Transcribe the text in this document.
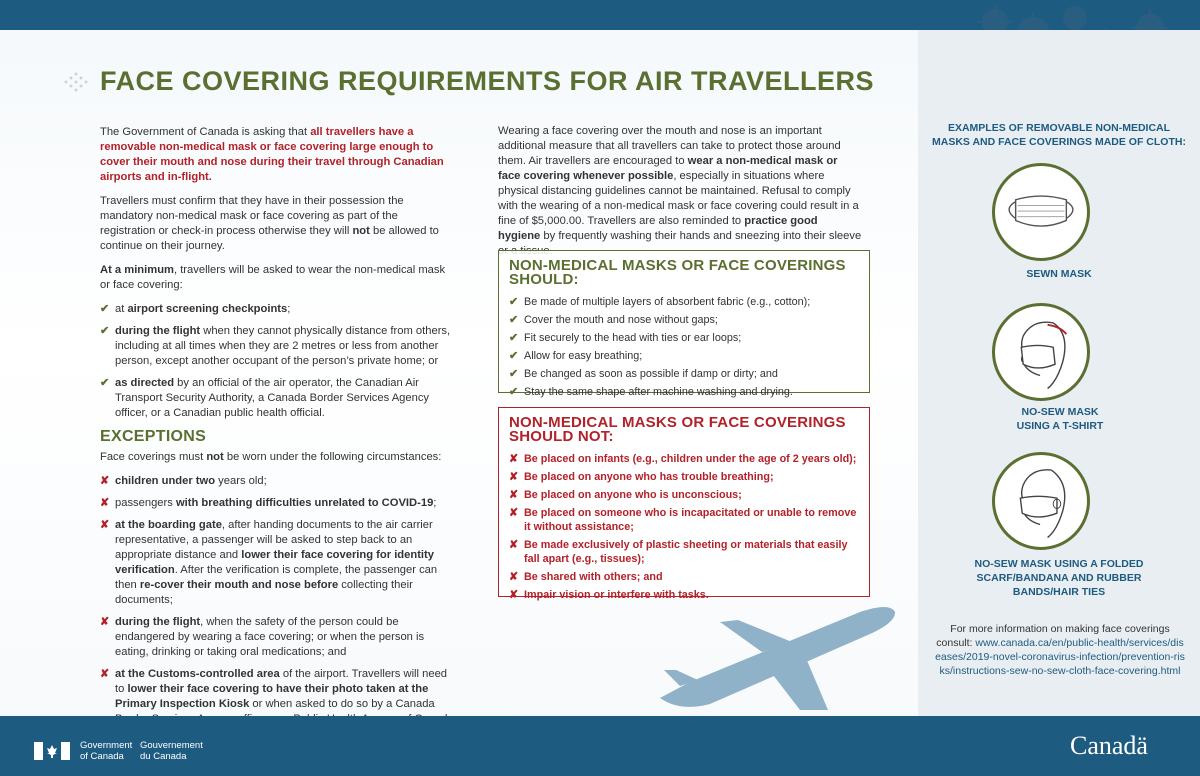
FACE COVERING REQUIREMENTS FOR AIR TRAVELLERS

The Government of Canada is asking that all travellers have a removable non-medical mask or face covering large enough to cover their mouth and nose during their travel through Canadian airports and in-flight.

Travellers must confirm that they have in their possession the mandatory non-medical mask or face covering as part of the registration or check-in process otherwise they will not be allowed to continue on their journey.

At a minimum, travellers will be asked to wear the non-medical mask or face covering:

✔ at airport screening checkpoints;
✔ during the flight when they cannot physically distance from others, including at all times when they are 2 metres or less from another person, except another occupant of the person’s private home; or
✔ as directed by an official of the air operator, the Canadian Air Transport Security Authority, a Canada Border Services Agency officer, or a Canadian public health official.
EXCEPTIONS

Face coverings must not be worn under the following circumstances:

✘ children under two years old;
✘ passengers with breathing difficulties unrelated to COVID-19;
✘ at the boarding gate, after handing documents to the air carrier representative, a passenger will be asked to step back to an appropriate distance and lower their face covering for identity verification. After the verification is complete, the passenger can then re-cover their mouth and nose before collecting their documents;
✘ during the flight, when the safety of the person could be endangered by wearing a face covering; or when the person is eating, drinking or taking oral medications; and
✘ at the Customs-controlled area of the airport. Travellers will need to lower their face covering to have their photo taken at the Primary Inspection Kiosk or when asked to do so by a Canada

Wearing a face covering over the mouth and nose is an important additional measure that all travellers can take to protect those around them. Air travellers are encouraged to wear a non-medical mask or face covering whenever possible, especially in situations where physical distancing guidelines cannot be maintained. Refusal to comply with the wearing of a non-medical mask or face covering could result in a fine of $5,000.00. Travellers are also reminded to practice good hygiene by frequently washing their hands and sneezing into their sleeve

NON-MEDICAL MASKS OR FACE COVERINGS SHOULD:
✔ Be made of multiple layers of absorbent fabric (e.g., cotton);
✔ Cover the mouth and nose without gaps;
✔ Fit securely to the head with ties or ear loops;
✔ Allow for easy breathing;
✔ Be changed as soon as possible if damp or dirty; and
✔ Stay the same shape after machine washing and drying.
NON-MEDICAL MASKS OR FACE COVERINGS SHOULD NOT:
✘ Be placed on infants (e.g., children under the age of 2 years old);
✘ Be placed on anyone who has trouble breathing;
✘ Be placed on anyone who is unconscious;
✘ Be placed on someone who is incapacitated or unable to remove it without assistance;
✘ Be made exclusively of plastic sheeting or materials that easily fall apart (e.g., tissues);
✘ Be shared with others; and
✘ Impair vision or interfere with tasks.
EXAMPLES OF REMOVABLE NON-MEDICAL MASKS AND FACE COVERINGS MADE OF CLOTH:
SEWN MASK
NO-SEW MASK USING A T-SHIRT
NO-SEW MASK USING A FOLDED SCARF/BANDANA AND RUBBER BANDS/HAIR TIES
For more information on making face coverings consult: www.canada.ca/en/public-health/services/diseases/2019-novel-coronavirus-infection/prevention-risks/instructions-sew-no-sew-cloth-face-covering.html
Government
of Canada
Gouvernement
du Canada	Canadä
